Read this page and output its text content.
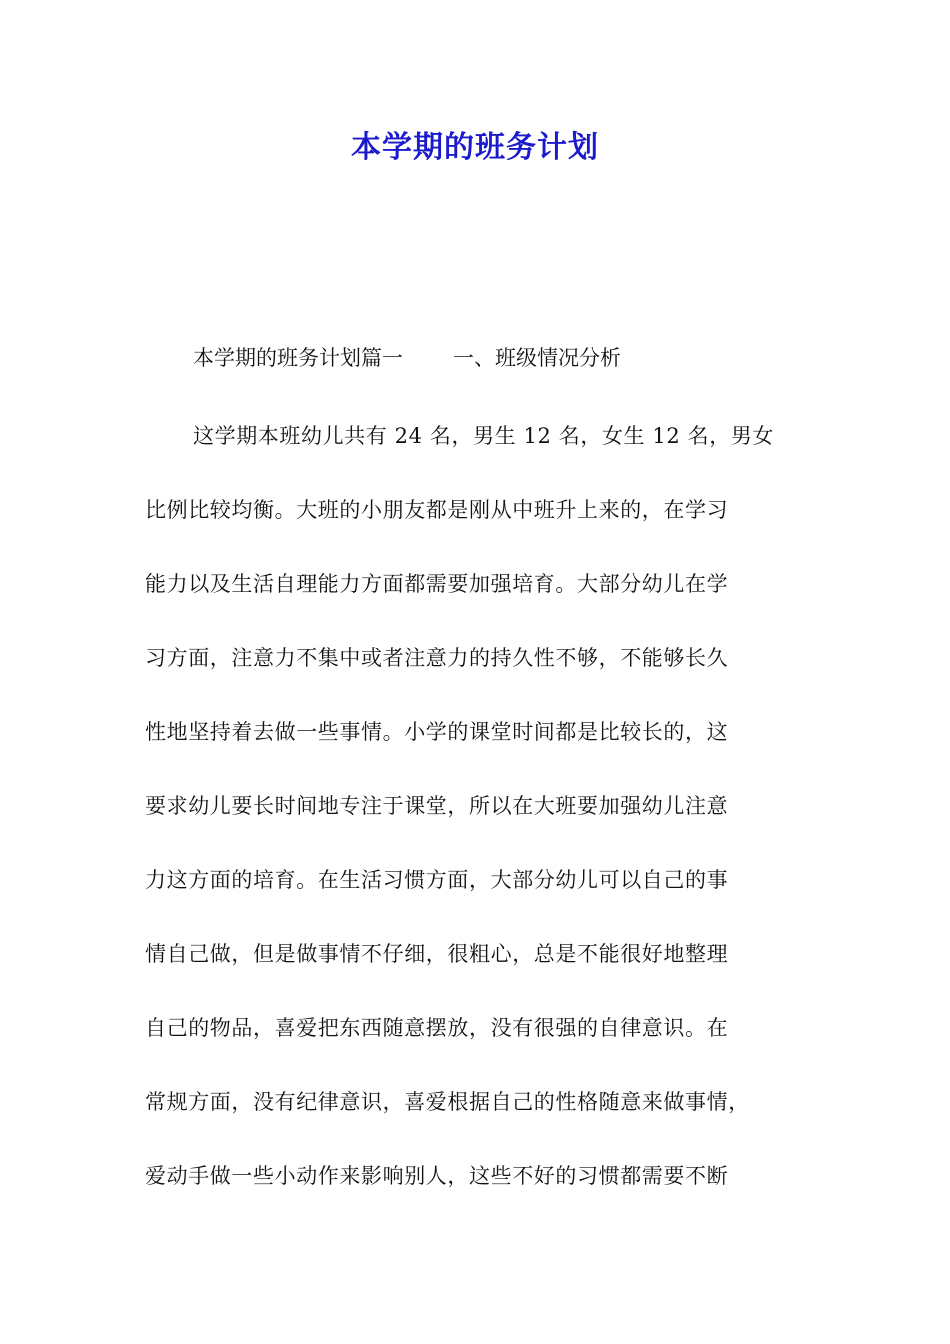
本学期的班务计划
本学期的班务计划篇一 一、班级情况分析
这学期本班幼儿共有 24 名，男生 12 名，女生 12 名，男女
比例比较均衡。大班的小朋友都是刚从中班升上来的，在学习
能力以及生活自理能力方面都需要加强培育。大部分幼儿在学
习方面，注意力不集中或者注意力的持久性不够，不能够长久
性地坚持着去做一些事情。小学的课堂时间都是比较长的，这
要求幼儿要长时间地专注于课堂，所以在大班要加强幼儿注意
力这方面的培育。在生活习惯方面，大部分幼儿可以自己的事
情自己做，但是做事情不仔细，很粗心，总是不能很好地整理
自己的物品，喜爱把东西随意摆放，没有很强的自律意识。在
常规方面，没有纪律意识，喜爱根据自己的性格随意来做事情，
爱动手做一些小动作来影响别人，这些不好的习惯都需要不断
